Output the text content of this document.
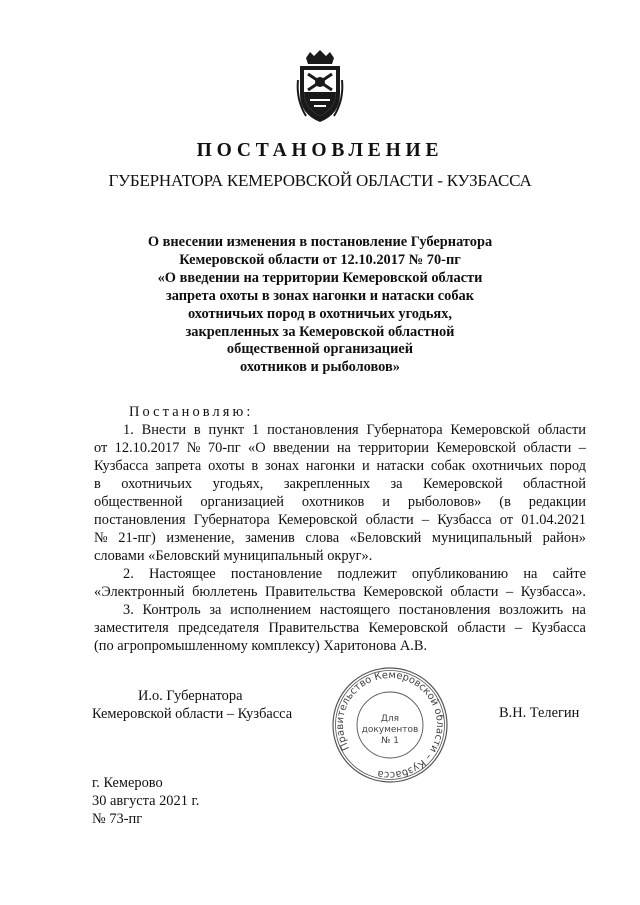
ПОСТАНОВЛЕНИЕ
ГУБЕРНАТОРА КЕМЕРОВСКОЙ ОБЛАСТИ - КУЗБАССА
О внесении изменения в постановление Губернатора
Кемеровской области от 12.10.2017 № 70-пг
«О введении на территории Кемеровской области
запрета охоты в зонах нагонки и натаски собак
охотничьих пород в охотничьих угодьях,
закрепленных за Кемеровской областной
общественной организацией
охотников и рыболовов»
Постановляю:
1. Внести в пункт 1 постановления Губернатора Кемеровской области
от 12.10.2017 № 70-пг «О введении на территории Кемеровской области –
Кузбасса запрета охоты в зонах нагонки и натаски собак охотничьих пород
в охотничьих угодьях, закрепленных за Кемеровской областной
общественной организацией охотников и рыболовов» (в редакции
постановления Губернатора Кемеровской области – Кузбасса от 01.04.2021
№ 21-пг) изменение, заменив слова «Беловский муниципальный район»
словами «Беловский муниципальный округ».
2. Настоящее постановление подлежит опубликованию на сайте
«Электронный бюллетень Правительства Кемеровской области – Кузбасса».
3. Контроль за исполнением настоящего постановления возложить на
заместителя председателя Правительства Кемеровской области – Кузбасса
(по агропромышленному комплексу) Харитонова А.В.
И.о. Губернатора
Кемеровской области – Кузбасса	В.Н. Телегин
Правительство Кемеровской области – Кузбасса
Для
документов
№ 1
г. Кемерово
30 августа 2021 г.
№ 73-пг
